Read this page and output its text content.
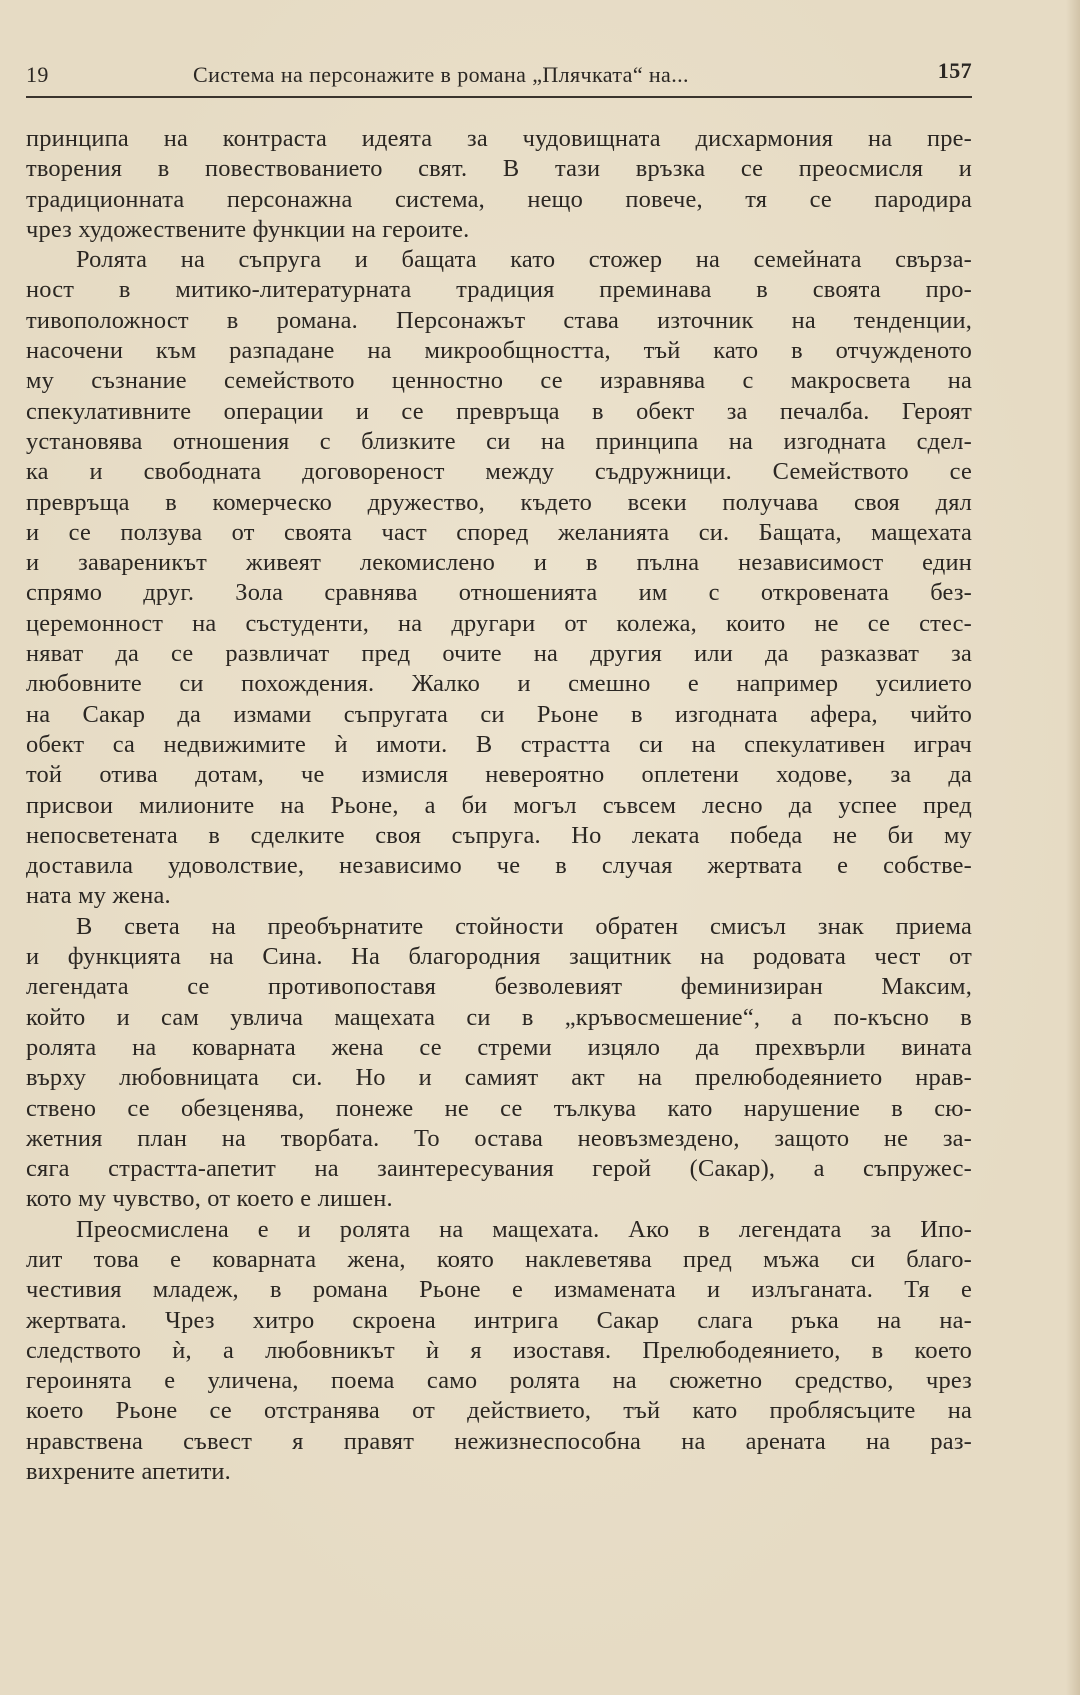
19	Система на персонажите в романа „Плячката“ на...	157
принципа на контраста идеята за чудовищната дисхармония на пре-
творения в повествованието свят. В тази връзка се преосмисля и
традиционната персонажна система, нещо повече, тя се пародира
чрез художествените функции на героите.
Ролята на съпруга и бащата като стожер на семейната свърза-
ност в митико-литературната традиция преминава в своята про-
тивоположност в романа. Персонажът става източник на тенденции,
насочени към разпадане на микрообщността, тъй като в отчужденото
му съзнание семейството ценностно се изравнява с макросвета на
спекулативните операции и се превръща в обект за печалба. Героят
установява отношения с близките си на принципа на изгодната сдел-
ка и свободната договореност между съдружници. Семейството се
превръща в комерческо дружество, където всеки получава своя дял
и се ползува от своята част според желанията си. Бащата, мащехата
и завареникът живеят лекомислено и в пълна независимост един
спрямо друг. Зола сравнява отношенията им с откровената без-
церемонност на състуденти, на другари от колежа, които не се стес-
няват да се развличат пред очите на другия или да разказват за
любовните си похождения. Жалко и смешно е например усилието
на Сакар да измами съпругата си Рьоне в изгодната афера, чийто
обект са недвижимите ѝ имоти. В страстта си на спекулативен играч
той отива дотам, че измисля невероятно оплетени ходове, за да
присвои милионите на Рьоне, а би могъл съвсем лесно да успее пред
непосветената в сделките своя съпруга. Но леката победа не би му
доставила удоволствие, независимо че в случая жертвата е собстве-
ната му жена.
В света на преобърнатите стойности обратен смисъл знак приема
и функцията на Сина. На благородния защитник на родовата чест от
легендата се противопоставя безволевият феминизиран Максим,
който и сам увлича мащехата си в „кръвосмешение“, а по-късно в
ролята на коварната жена се стреми изцяло да прехвърли вината
върху любовницата си. Но и самият акт на прелюбодеянието нрав-
ствено се обезценява, понеже не се тълкува като нарушение в сю-
жетния план на творбата. То остава неовъзмездено, защото не за-
сяга страстта-апетит на заинтересувания герой (Сакар), а съпружес-
кото му чувство, от което е лишен.
Преосмислена е и ролята на мащехата. Ако в легендата за Ипо-
лит това е коварната жена, която наклеветява пред мъжа си благо-
честивия младеж, в романа Рьоне е измамената и излъганата. Тя е
жертвата. Чрез хитро скроена интрига Сакар слага ръка на на-
следството ѝ, а любовникът ѝ я изоставя. Прелюбодеянието, в което
героинята е уличена, поема само ролята на сюжетно средство, чрез
което Рьоне се отстранява от действието, тъй като проблясъците на
нравствена съвест я правят нежизнеспособна на арената на раз-
вихрените апетити.
